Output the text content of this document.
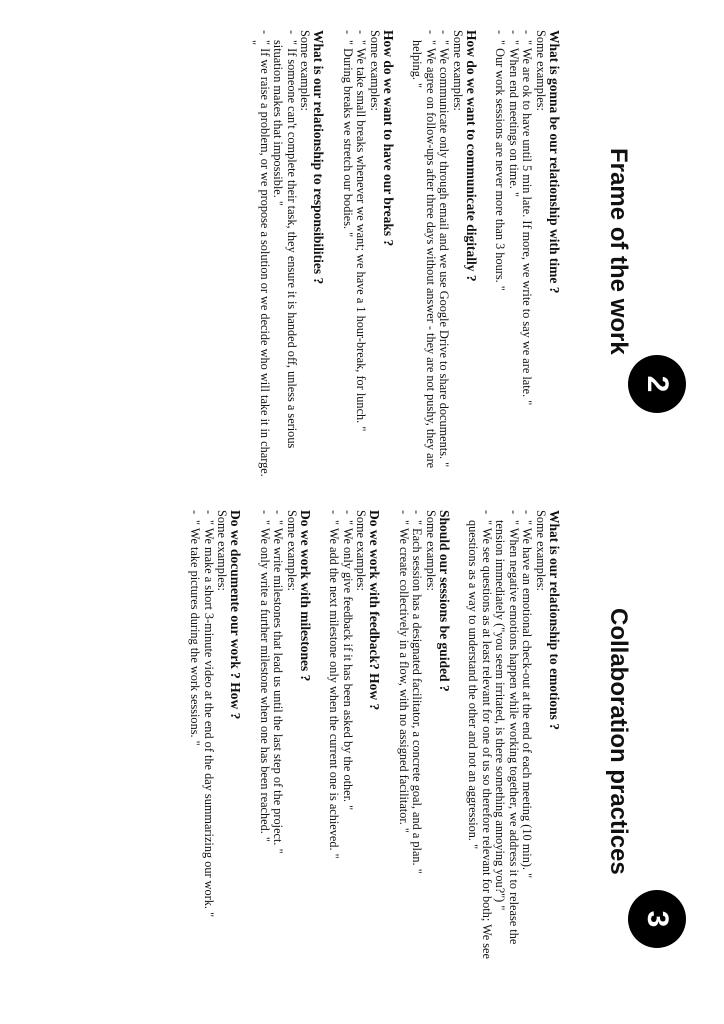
2
Frame of the work
What is gonna be our relationship with time ?
Some examples:
- " We are ok to have until 5 min late. If more, we write to say we are late. "
- " When end meetings on time. "
- " Our work sessions are never more than 3 hours. "
How do we want to communicate digitally ?
Some examples:
- " We communicate only through email and we use Google Drive to share documents. "
- " We agree on follow-ups after three days without answer - they are not pushy, they are helping. "
How do we want to have our breaks ?
Some examples:
- " We take small breaks whenever we want; we have a 1 hour-break, for lunch. "
- " During breaks we stretch our bodies. "
What is our relationship to responsibilities ?
Some examples:
- " If someone can't complete their task, they ensure it is handed off, unless a serious situation makes that impossible. "
- " If we raise a problem, or we propose a solution or we decide who will take it in charge. "
3
Collaboration practices
What is our relationship to emotions ?
Some examples:
- " We have an emotional check-out at the end of each meeting (10 min). "
- " When negative emotions happen while working together, we address it to release the tension immediately ("you seem irritated, is there something annoying you?") "
- " We see questions as at least relevant for one of us so therefore relevant for both; We see questions as a way to understand the other and not an aggression. "
Should our sessions be guided ?
Some examples:
- " Each session has a designated facilitator, a concrete goal, and a plan. "
- " We create collectively in a flow, with no assigned facilitator. "
Do we work with feedback? How ?
Some examples:
- " We only give feedback if it has been asked by the other. "
- " We add the next milestone only when the current one is achieved. "
Do we work with milestones ?
Some examples:
- " We write milestones that lead us until the last step of the project. "
- " We only write a further milestone when one has been reached. "
Do we documente our work ? How ?
Some examples:
- " We make a short 3-minute video at the end of the day summarizing our work. "
- " We take pictures during the work sessions. "
